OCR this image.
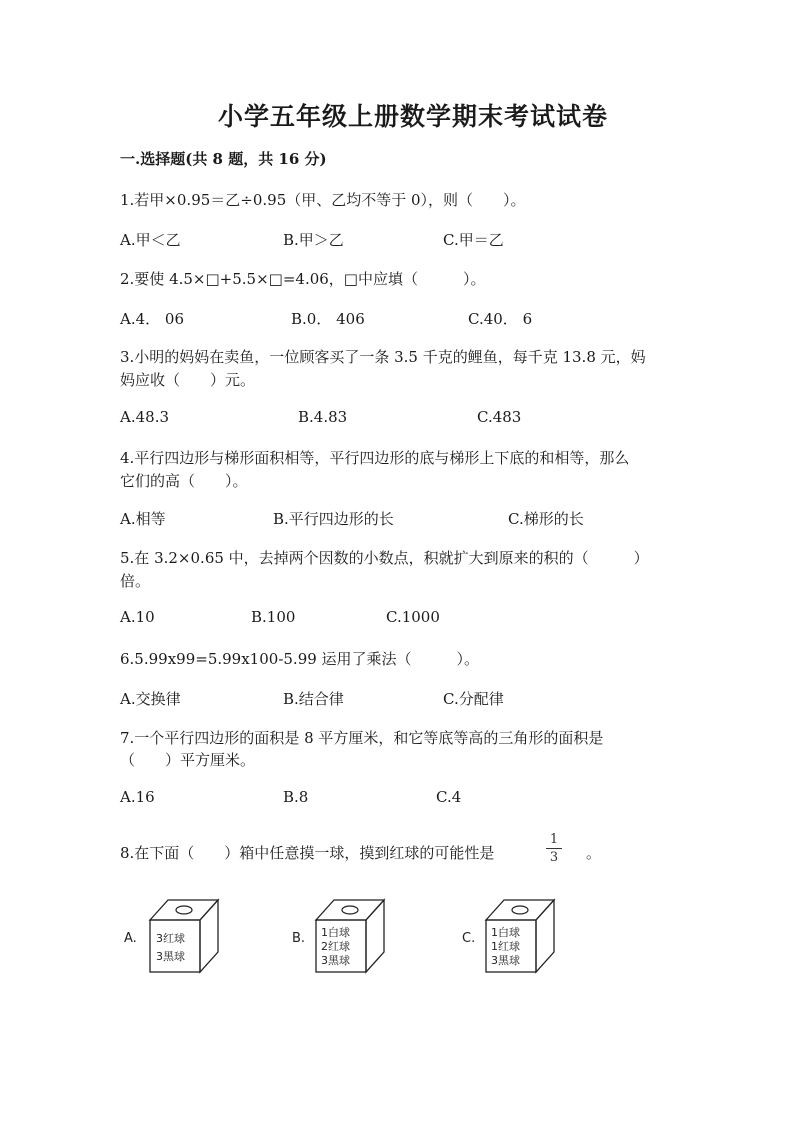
小学五年级上册数学期末考试试卷
一.选择题(共 8 题，共 16 分)
1.若甲×0.95＝乙÷0.95（甲、乙均不等于 0），则（　　）。
A.甲＜乙	B.甲＞乙	C.甲＝乙
2.要使 4.5×□+5.5×□=4.06，□中应填（　　　）。
A.4． 06	B.0． 406	C.40． 6
3.小明的妈妈在卖鱼，一位顾客买了一条 3.5 千克的鲤鱼，每千克 13.8 元，妈
妈应收（　　）元。
A.48.3	B.4.83	C.483
4.平行四边形与梯形面积相等，平行四边形的底与梯形上下底的和相等，那么
它们的高（　　）。
A.相等	B.平行四边形的长	C.梯形的长
5.在 3.2×0.65 中，去掉两个因数的小数点，积就扩大到原来的积的（　　　）
倍。
A.10	B.100	C.1000
6.5.99x99=5.99x100-5.99 运用了乘法（　　　）。
A.交换律	B.结合律	C.分配律
7.一个平行四边形的面积是 8 平方厘米，和它等底等高的三角形的面积是
（　　）平方厘米。
A.16	B.8	C.4
8.在下面（　　）箱中任意摸一球，摸到红球的可能性是
1
3 。
A. 3红球
3黑球
B. 1白球
2红球
3黑球
C. 1白球
1红球
3黑球
